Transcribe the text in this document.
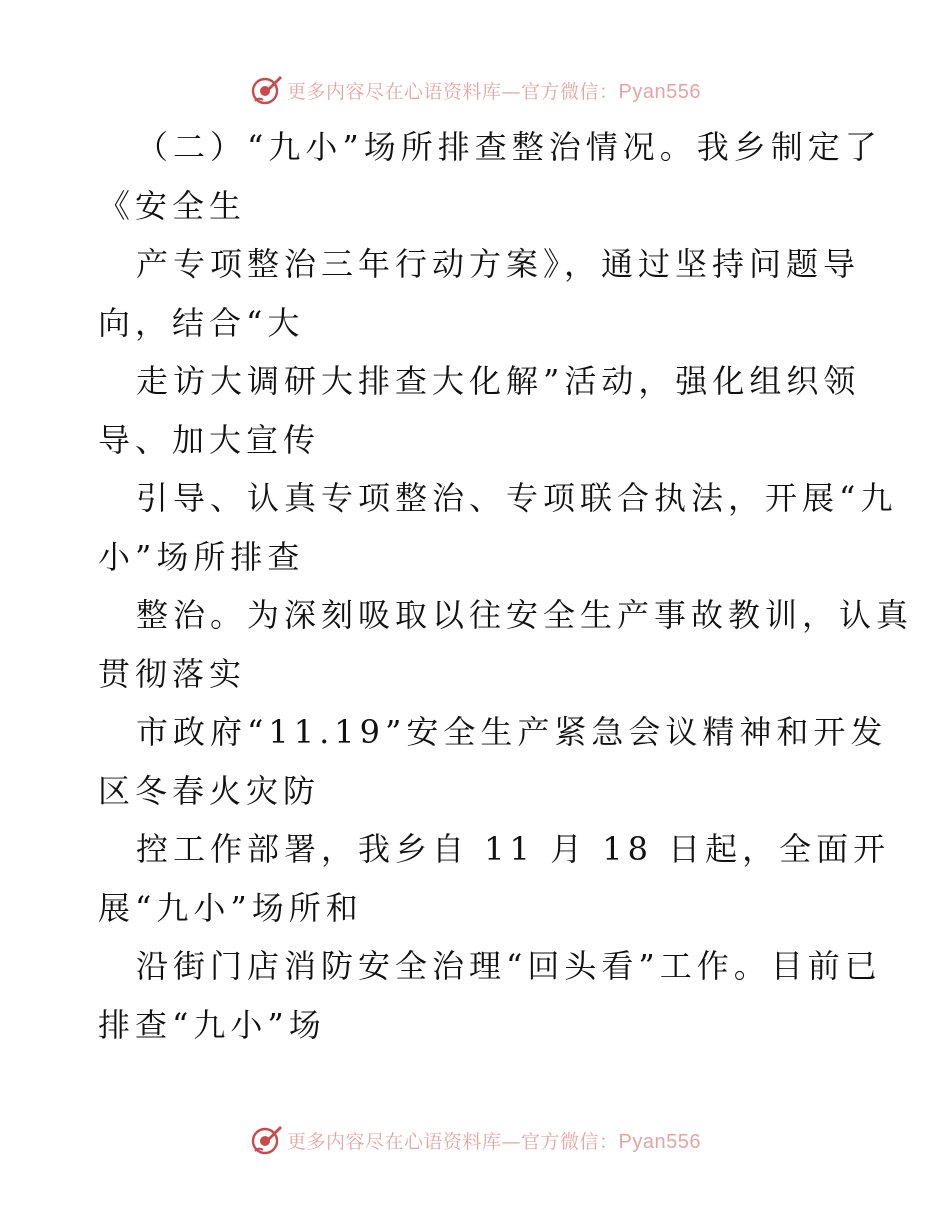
更多内容尽在心语资料库—官方微信：Pyan556
（二）“九小”场所排查整治情况。我乡制定了
《安全生
产专项整治三年行动方案》，通过坚持问题导
向，结合“大
走访大调研大排查大化解”活动，强化组织领
导、加大宣传
引导、认真专项整治、专项联合执法，开展“九
小”场所排查
整治。为深刻吸取以往安全生产事故教训，认真
贯彻落实
市政府“11.19”安全生产紧急会议精神和开发
区冬春火灾防
控工作部署，我乡自 11 月 18 日起，全面开
展“九小”场所和
沿街门店消防安全治理“回头看”工作。目前已
排查“九小”场
更多内容尽在心语资料库—官方微信：Pyan556
